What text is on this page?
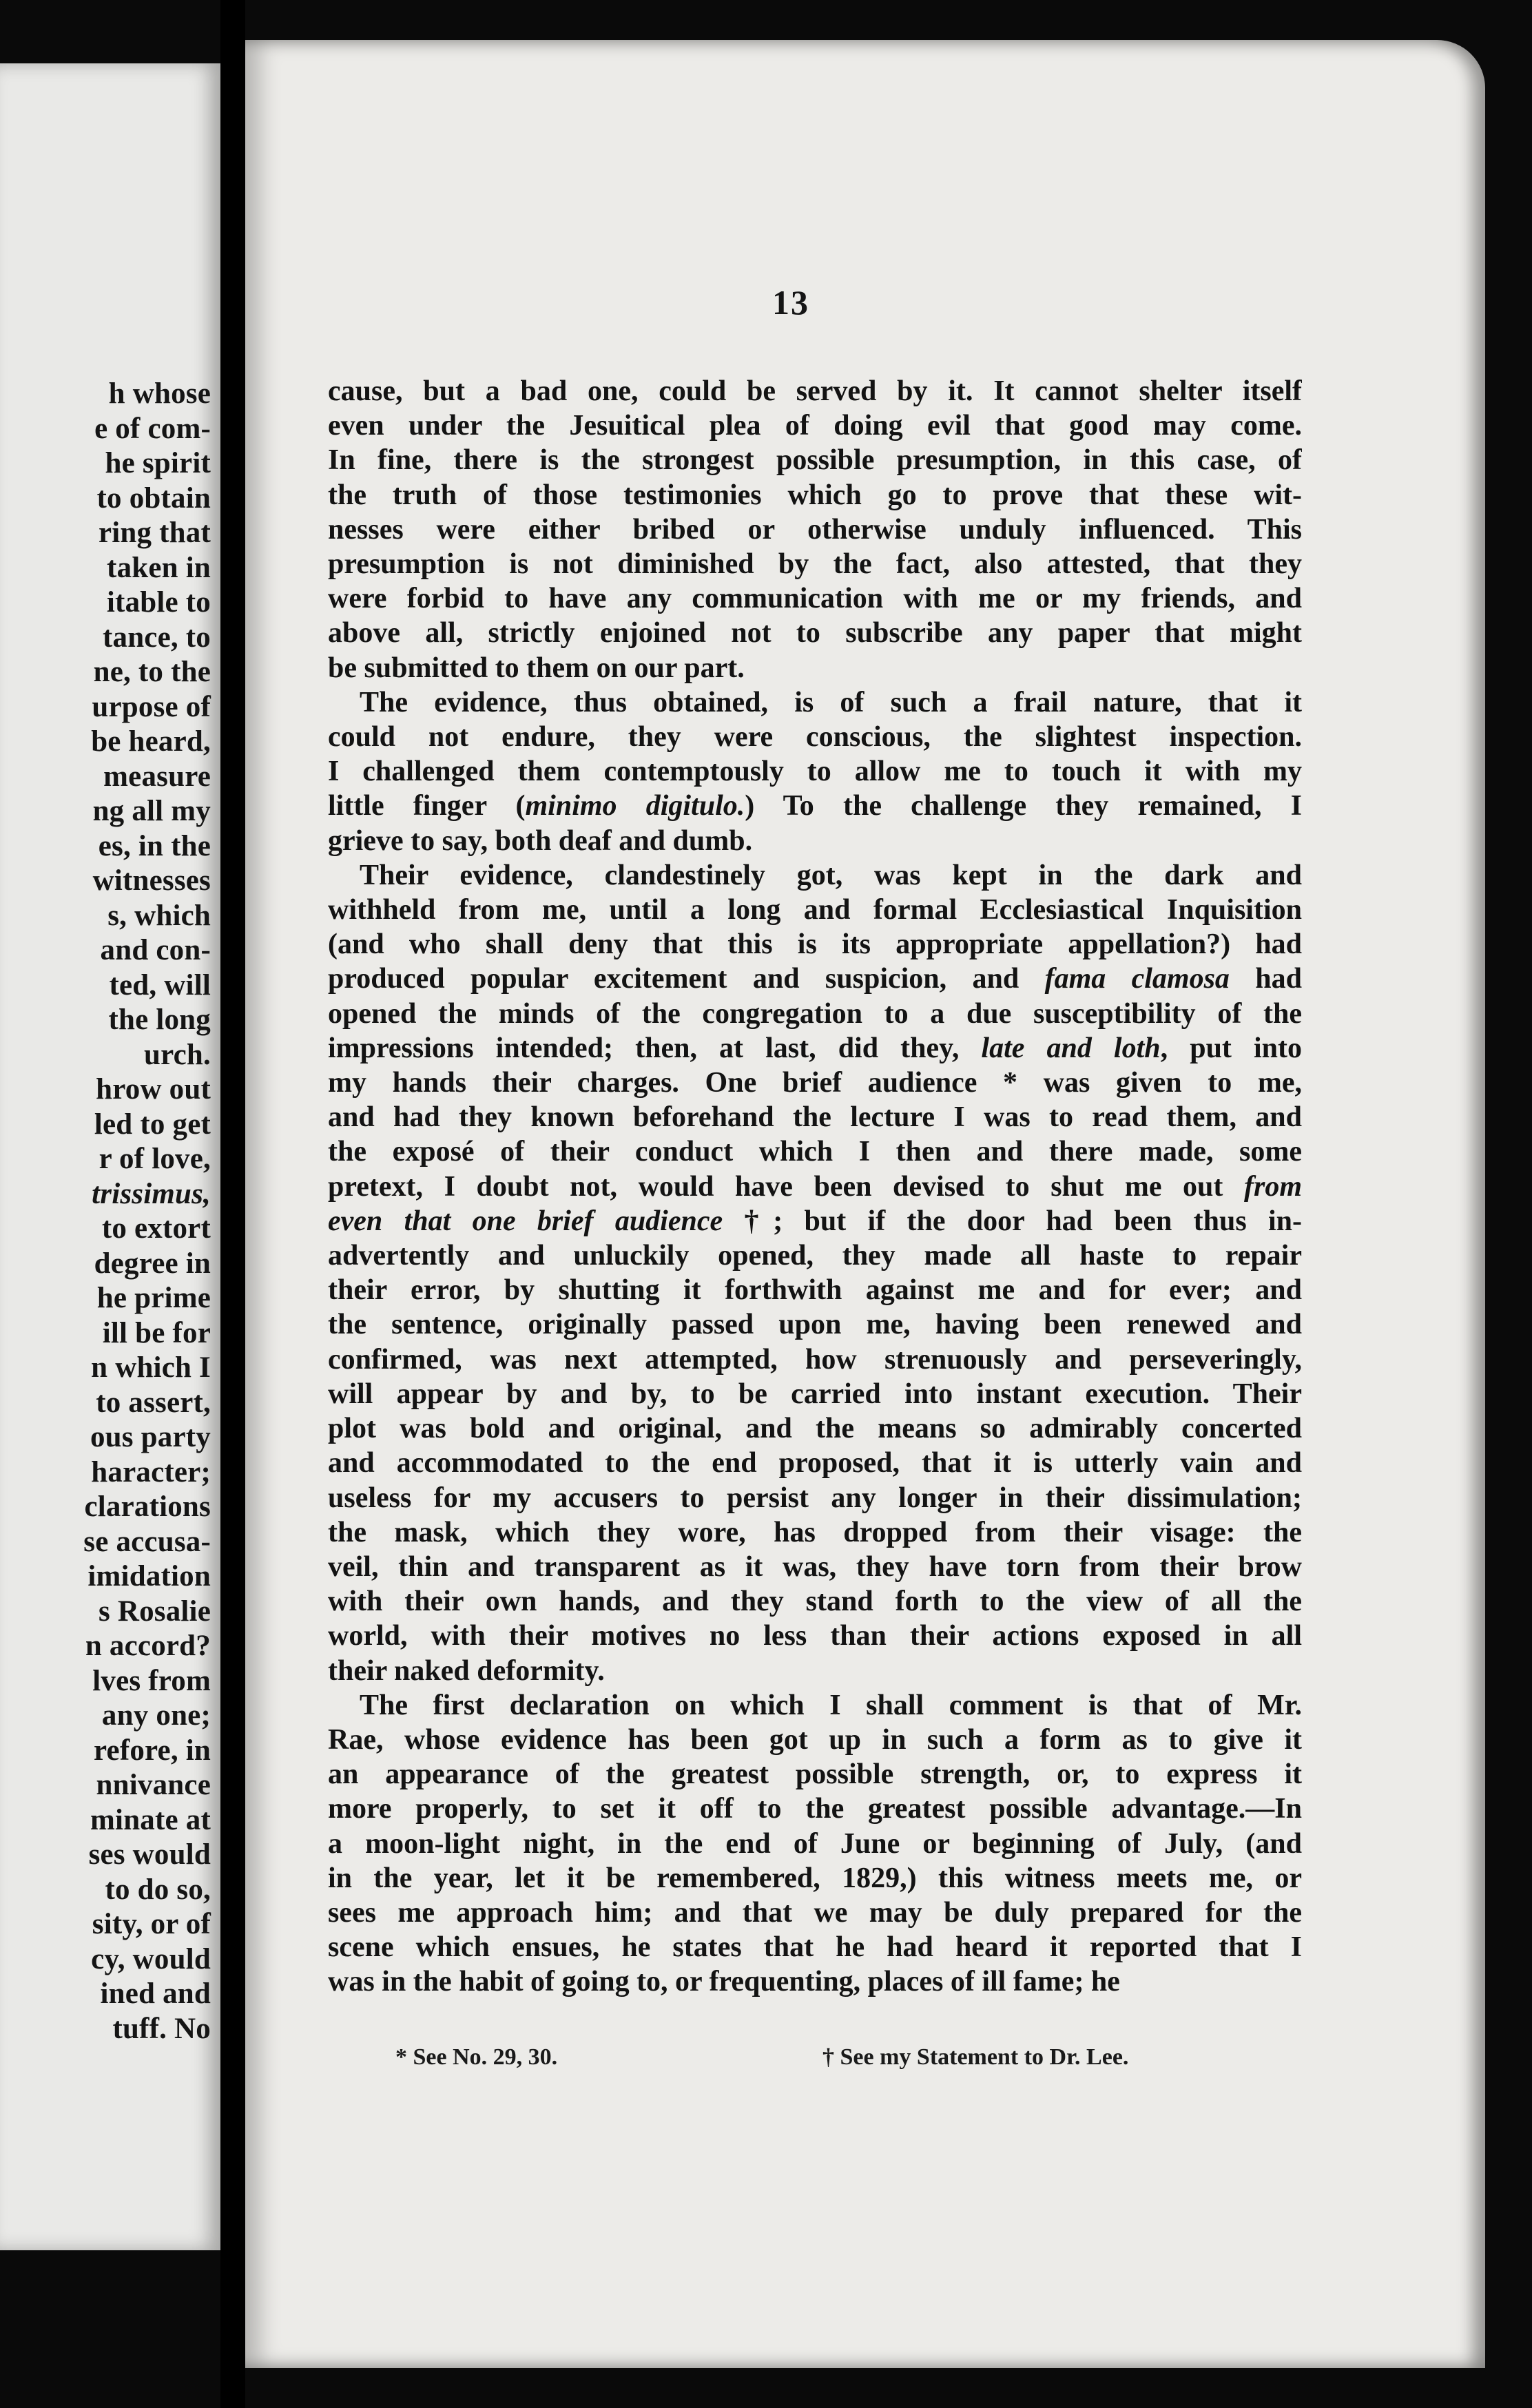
h whose
e of com-
he spirit
to obtain
ring that
taken in
itable to
tance, to
ne, to the
urpose of
be heard,
measure
ng all my
es, in the
witnesses
s, which
and con-
ted, will
the long
urch.
hrow out
led to get
r of love,
trissimus,
to extort
degree in
he prime
ill be for
n which I
to assert,
ous party
haracter;
clarations
se accusa-
imidation
s Rosalie
n accord?
lves from
any one;
refore, in
nnivance
minate at
ses would
to do so,
sity, or of
cy, would
ined and
tuff. No
13
cause, but a bad one, could be served by it. It cannot shelter itself
even under the Jesuitical plea of doing evil that good may come.
In fine, there is the strongest possible presumption, in this case, of
the truth of those testimonies which go to prove that these wit-
nesses were either bribed or otherwise unduly influenced. This
presumption is not diminished by the fact, also attested, that they
were forbid to have any communication with me or my friends, and
above all, strictly enjoined not to subscribe any paper that might
be submitted to them on our part.
The evidence, thus obtained, is of such a frail nature, that it
could not endure, they were conscious, the slightest inspection.
I challenged them contemptously to allow me to touch it with my
little finger (minimo digitulo.) To the challenge they remained, I
grieve to say, both deaf and dumb.
Their evidence, clandestinely got, was kept in the dark and
withheld from me, until a long and formal Ecclesiastical Inquisition
(and who shall deny that this is its appropriate appellation?) had
produced popular excitement and suspicion, and fama clamosa had
opened the minds of the congregation to a due susceptibility of the
impressions intended; then, at last, did they, late and loth, put into
my hands their charges. One brief audience * was given to me,
and had they known beforehand the lecture I was to read them, and
the exposé of their conduct which I then and there made, some
pretext, I doubt not, would have been devised to shut me out from
even that one brief audience †; but if the door had been thus in-
advertently and unluckily opened, they made all haste to repair
their error, by shutting it forthwith against me and for ever; and
the sentence, originally passed upon me, having been renewed and
confirmed, was next attempted, how strenuously and perseveringly,
will appear by and by, to be carried into instant execution. Their
plot was bold and original, and the means so admirably concerted
and accommodated to the end proposed, that it is utterly vain and
useless for my accusers to persist any longer in their dissimulation;
the mask, which they wore, has dropped from their visage: the
veil, thin and transparent as it was, they have torn from their brow
with their own hands, and they stand forth to the view of all the
world, with their motives no less than their actions exposed in all
their naked deformity.
The first declaration on which I shall comment is that of Mr.
Rae, whose evidence has been got up in such a form as to give it
an appearance of the greatest possible strength, or, to express it
more properly, to set it off to the greatest possible advantage.—In
a moon-light night, in the end of June or beginning of July, (and
in the year, let it be remembered, 1829,) this witness meets me, or
sees me approach him; and that we may be duly prepared for the
scene which ensues, he states that he had heard it reported that I
was in the habit of going to, or frequenting, places of ill fame; he
* See No. 29, 30.	† See my Statement to Dr. Lee.
